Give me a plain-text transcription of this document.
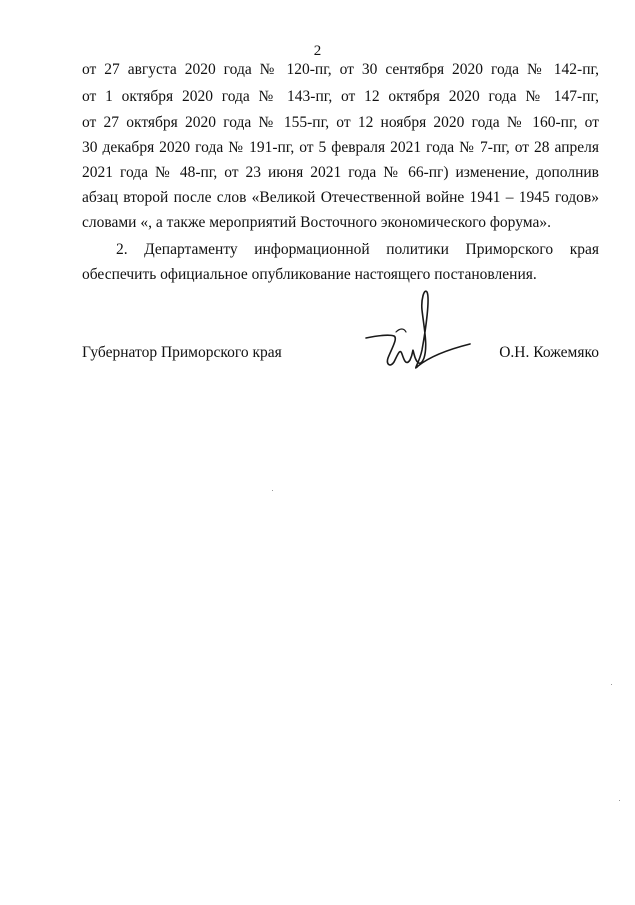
2
от 27 августа 2020 года № 120-пг, от 30 сентября 2020 года № 142-пг,
от 1 октября 2020 года № 143-пг, от 12 октября 2020 года № 147-пг,
от 27 октября 2020 года № 155-пг, от 12 ноября 2020 года № 160-пг, от
30 декабря 2020 года № 191-пг, от 5 февраля 2021 года № 7-пг, от 28 апреля
2021 года № 48-пг, от 23 июня 2021 года № 66-пг) изменение, дополнив
абзац второй после слов «Великой Отечественной войне 1941 – 1945 годов»
словами «, а также мероприятий Восточного экономического форума».
2. Департаменту информационной политики Приморского края
обеспечить официальное опубликование настоящего постановления.
Губернатор Приморского края	О.Н. Кожемяко
